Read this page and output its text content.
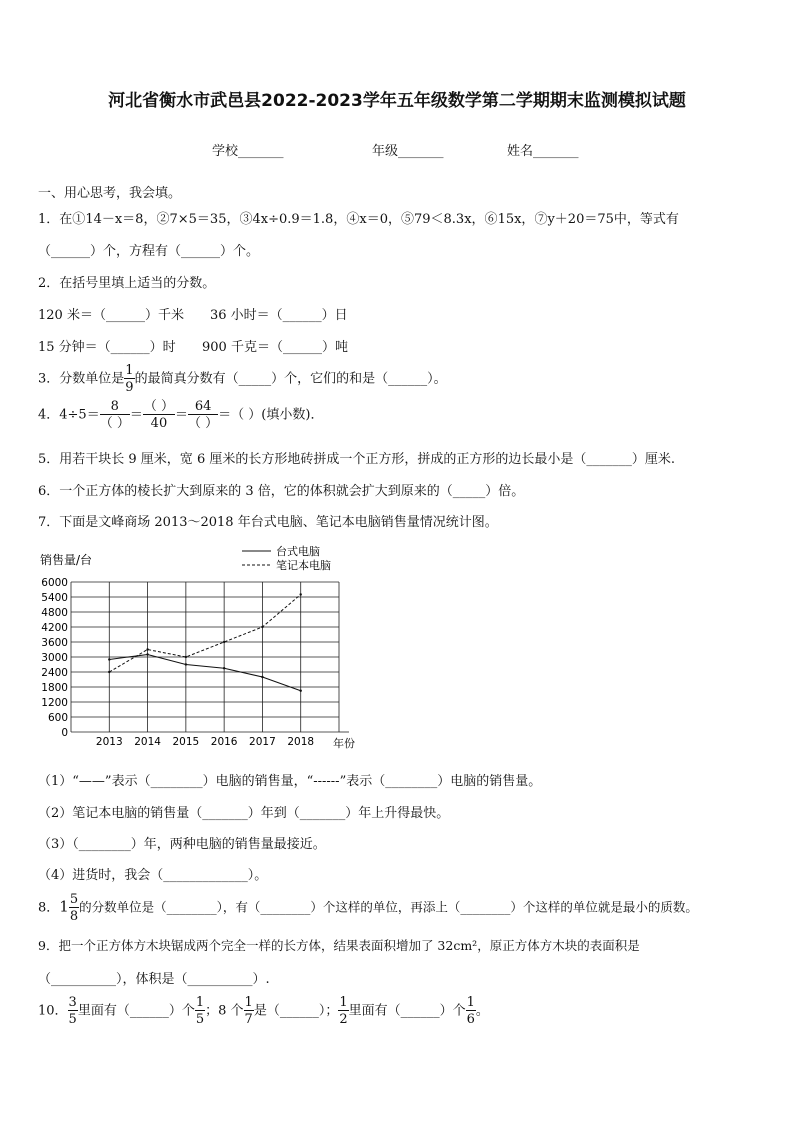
河北省衡水市武邑县2022-2023学年五年级数学第二学期期末监测模拟试题
学校_______	年级_______	姓名_______
一、用心思考，我会填。
1．在①14－x＝8，②7×5＝35，③4x÷0.9＝1.8，④x＝0，⑤79＜8.3x，⑥15x，⑦y＋20＝75中，等式有
（______）个，方程有（______）个。
2．在括号里填上适当的分数。
120 米＝（______）千米 36 小时＝（______）日
15 分钟＝（______）时 900 千克＝（______）吨
3．分数单位是 $\frac{1}{9}$ 的最简真分数有（_____）个，它们的和是（______）。
4．$4\div 5= \frac{8}{( )} = \frac{( )}{40} = \frac{64}{( )}$ ＝（ ）(填小数)．
5．用若干块长 9 厘米，宽 6 厘米的长方形地砖拼成一个正方形，拼成的正方形的边长最小是（_______）厘米.
6．一个正方体的棱长扩大到原来的 3 倍，它的体积就会扩大到原来的（_____）倍。
7．下面是文峰商场 2013～2018 年台式电脑、笔记本电脑销售量情况统计图。
销售量/台
年份
台式电脑
笔记本电脑
0
600
1200
1800
2400
3000
3600
4200
4800
5400
6000
2013 2014 2015 2016 2017 2018
（1）“——”表示（________）电脑的销售量，“------”表示（________）电脑的销售量。
（2）笔记本电脑的销售量（_______）年到（_______）年上升得最快。
（3）（________）年，两种电脑的销售量最接近。
（4）进货时，我会（_____________）。
8．$1 \frac{5}{8}$ 的分数单位是（________），有（________）个这样的单位，再添上（________）个这样的单位就是最小的质数。
9．把一个正方体方木块锯成两个完全一样的长方体，结果表面积增加了 32cm²，原正方体方木块的表面积是
（__________），体积是（__________）.
10． $\frac{3}{5}$ 里面有（______）个 $\frac{1}{5}$ ；8 个 $\frac{1}{7}$ 是（______）； $\frac{1}{2}$ 里面有（______）个 $\frac{1}{6}$ 。
